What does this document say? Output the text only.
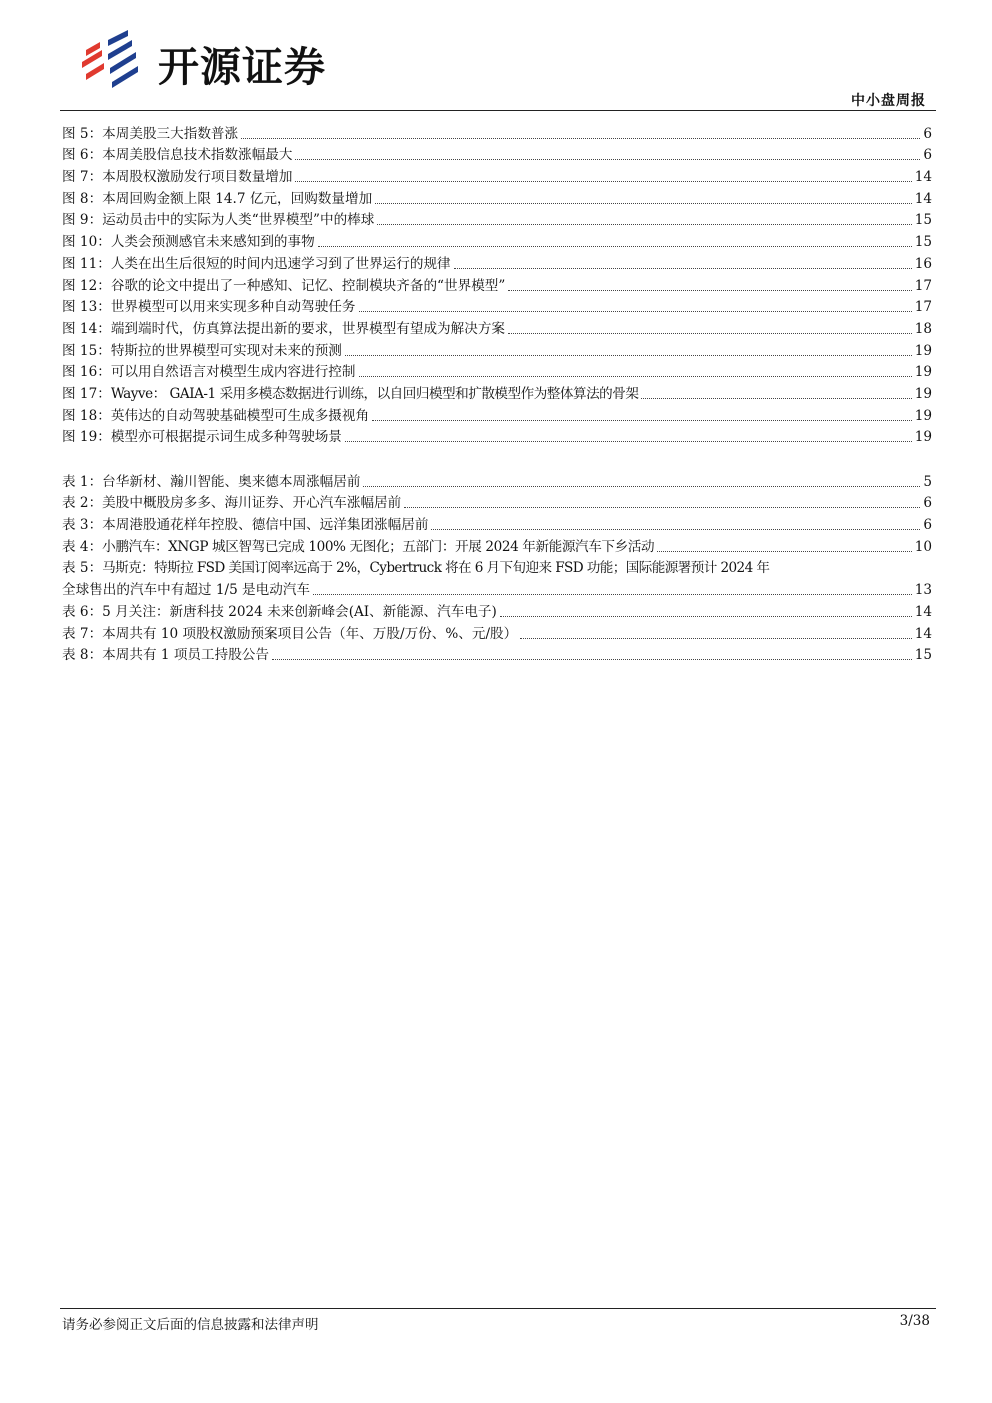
开源证券
中小盘周报
图 5： 本周美股三大指数普涨	6
图 6： 本周美股信息技术指数涨幅最大	6
图 7： 本周股权激励发行项目数量增加	14
图 8： 本周回购金额上限 14.7 亿元，回购数量增加	14
图 9： 运动员击中的实际为人类“世界模型”中的棒球	15
图 10： 人类会预测感官未来感知到的事物	15
图 11： 人类在出生后很短的时间内迅速学习到了世界运行的规律	16
图 12： 谷歌的论文中提出了一种感知、记忆、控制模块齐备的“世界模型”	17
图 13： 世界模型可以用来实现多种自动驾驶任务	17
图 14： 端到端时代，仿真算法提出新的要求，世界模型有望成为解决方案	18
图 15： 特斯拉的世界模型可实现对未来的预测	19
图 16： 可以用自然语言对模型生成内容进行控制	19
图 17： Wayve： GAIA-1 采用多模态数据进行训练，以自回归模型和扩散模型作为整体算法的骨架	19
图 18： 英伟达的自动驾驶基础模型可生成多摄视角	19
图 19： 模型亦可根据提示词生成多种驾驶场景	19
表 1： 台华新材、瀚川智能、奥来德本周涨幅居前	5
表 2： 美股中概股房多多、海川证券、开心汽车涨幅居前	6
表 3： 本周港股通花样年控股、德信中国、远洋集团涨幅居前	6
表 4： 小鹏汽车：XNGP 城区智驾已完成 100% 无图化；五部门：开展 2024 年新能源汽车下乡活动	10
表 5： 马斯克：特斯拉 FSD 美国订阅率远高于 2%，Cybertruck 将在 6 月下旬迎来 FSD 功能；国际能源署预计 2024 年
全球售出的汽车中有超过 1/5 是电动汽车	13
表 6： 5 月关注：新唐科技 2024 未来创新峰会(AI、新能源、汽车电子)	14
表 7： 本周共有 10 项股权激励预案项目公告（年、万股/万份、%、元/股）	14
表 8： 本周共有 1 项员工持股公告	15
请务必参阅正文后面的信息披露和法律声明	3/38
